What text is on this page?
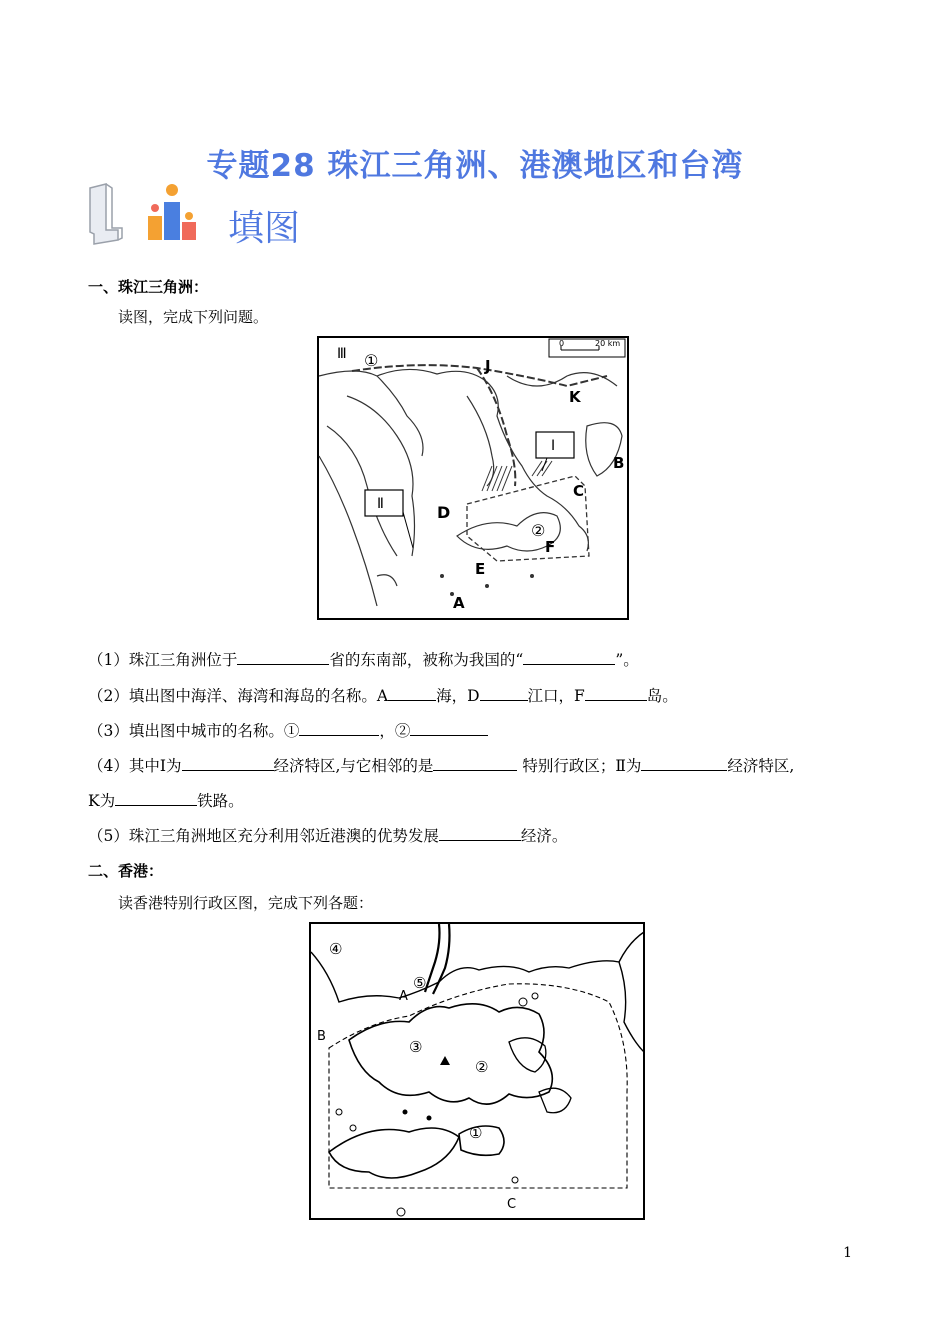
专题28 珠江三角洲、港澳地区和台湾
填图
一、珠江三角洲：
读图，完成下列问题。
0	20 km
Ⅲ ①	J
K
Ⅰ
B
C
Ⅱ	D
②
F
E
A
（1）珠江三角洲位于	省的东南部，被称为我国的“	”。
（2）填出图中海洋、海湾和海岛的名称。A	海，D	江口，F	岛。
（3）填出图中城市的名称。①	，②
（4）其中Ⅰ为	经济特区,与它相邻的是	特别行政区；Ⅱ为	经济特区,
K为	铁路。
（5）珠江三角洲地区充分利用邻近港澳的优势发展	经济。
二、香港：
读香港特别行政区图，完成下列各题：
④
⑤
A
B
③
②
①
C
1
